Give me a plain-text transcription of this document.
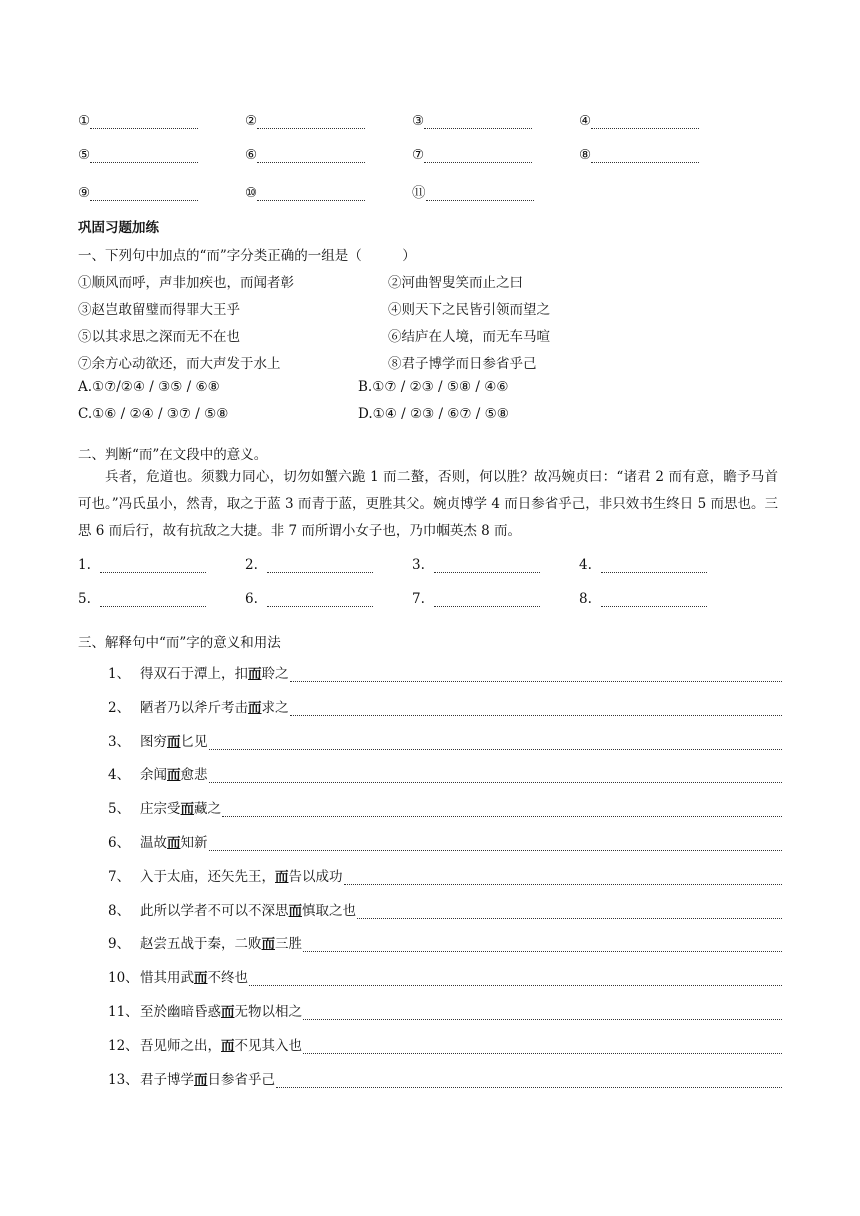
①	②	③	④
⑤	⑥	⑦	⑧
⑨	⑩	⑪
巩固习题加练
一、下列句中加点的“而”字分类正确的一组是（　　　）
①顺风而呼，声非加疾也，而闻者彰	②河曲智叟笑而止之曰
③赵岂敢留璧而得罪大王乎	④则天下之民皆引领而望之
⑤以其求思之深而无不在也	⑥结庐在人境，而无车马喧
⑦余方心动欲还，而大声发于水上	⑧君子博学而日参省乎己
A.①⑦/②④ / ③⑤ / ⑥⑧	B.①⑦ / ②③ / ⑤⑧ / ④⑥
C.①⑥ / ②④ / ③⑦ / ⑤⑧	D.①④ / ②③ / ⑥⑦ / ⑤⑧
二、判断“而”在文段中的意义。

兵者，危道也。须戮力同心，切勿如蟹六跪 1 而二螯，否则，何以胜？故冯婉贞曰：“诸君 2 而有意，瞻予马首可也。”冯氏虽小，然青，取之于蓝 3 而青于蓝，更胜其父。婉贞博学 4 而日参省乎己，非只效书生终日 5 而思也。三思 6 而后行，故有抗敌之大捷。非 7 而所谓小女子也，乃巾帼英杰 8 而。

1.	2.	3.	4.
5.	6.	7.	8.
三、解释句中“而”字的意义和用法
1、 得双石于潭上，扣而聆之
2、 陋者乃以斧斤考击而求之
3、 图穷而匕见
4、 余闻而愈悲
5、 庄宗受而藏之
6、 温故而知新
7、 入于太庙，还矢先王，而告以成功
8、 此所以学者不可以不深思而慎取之也
9、 赵尝五战于秦，二败而三胜
10、 惜其用武而不终也
11、 至於幽暗昏惑而无物以相之
12、 吾见师之出，而不见其入也
13、 君子博学而日参省乎己
